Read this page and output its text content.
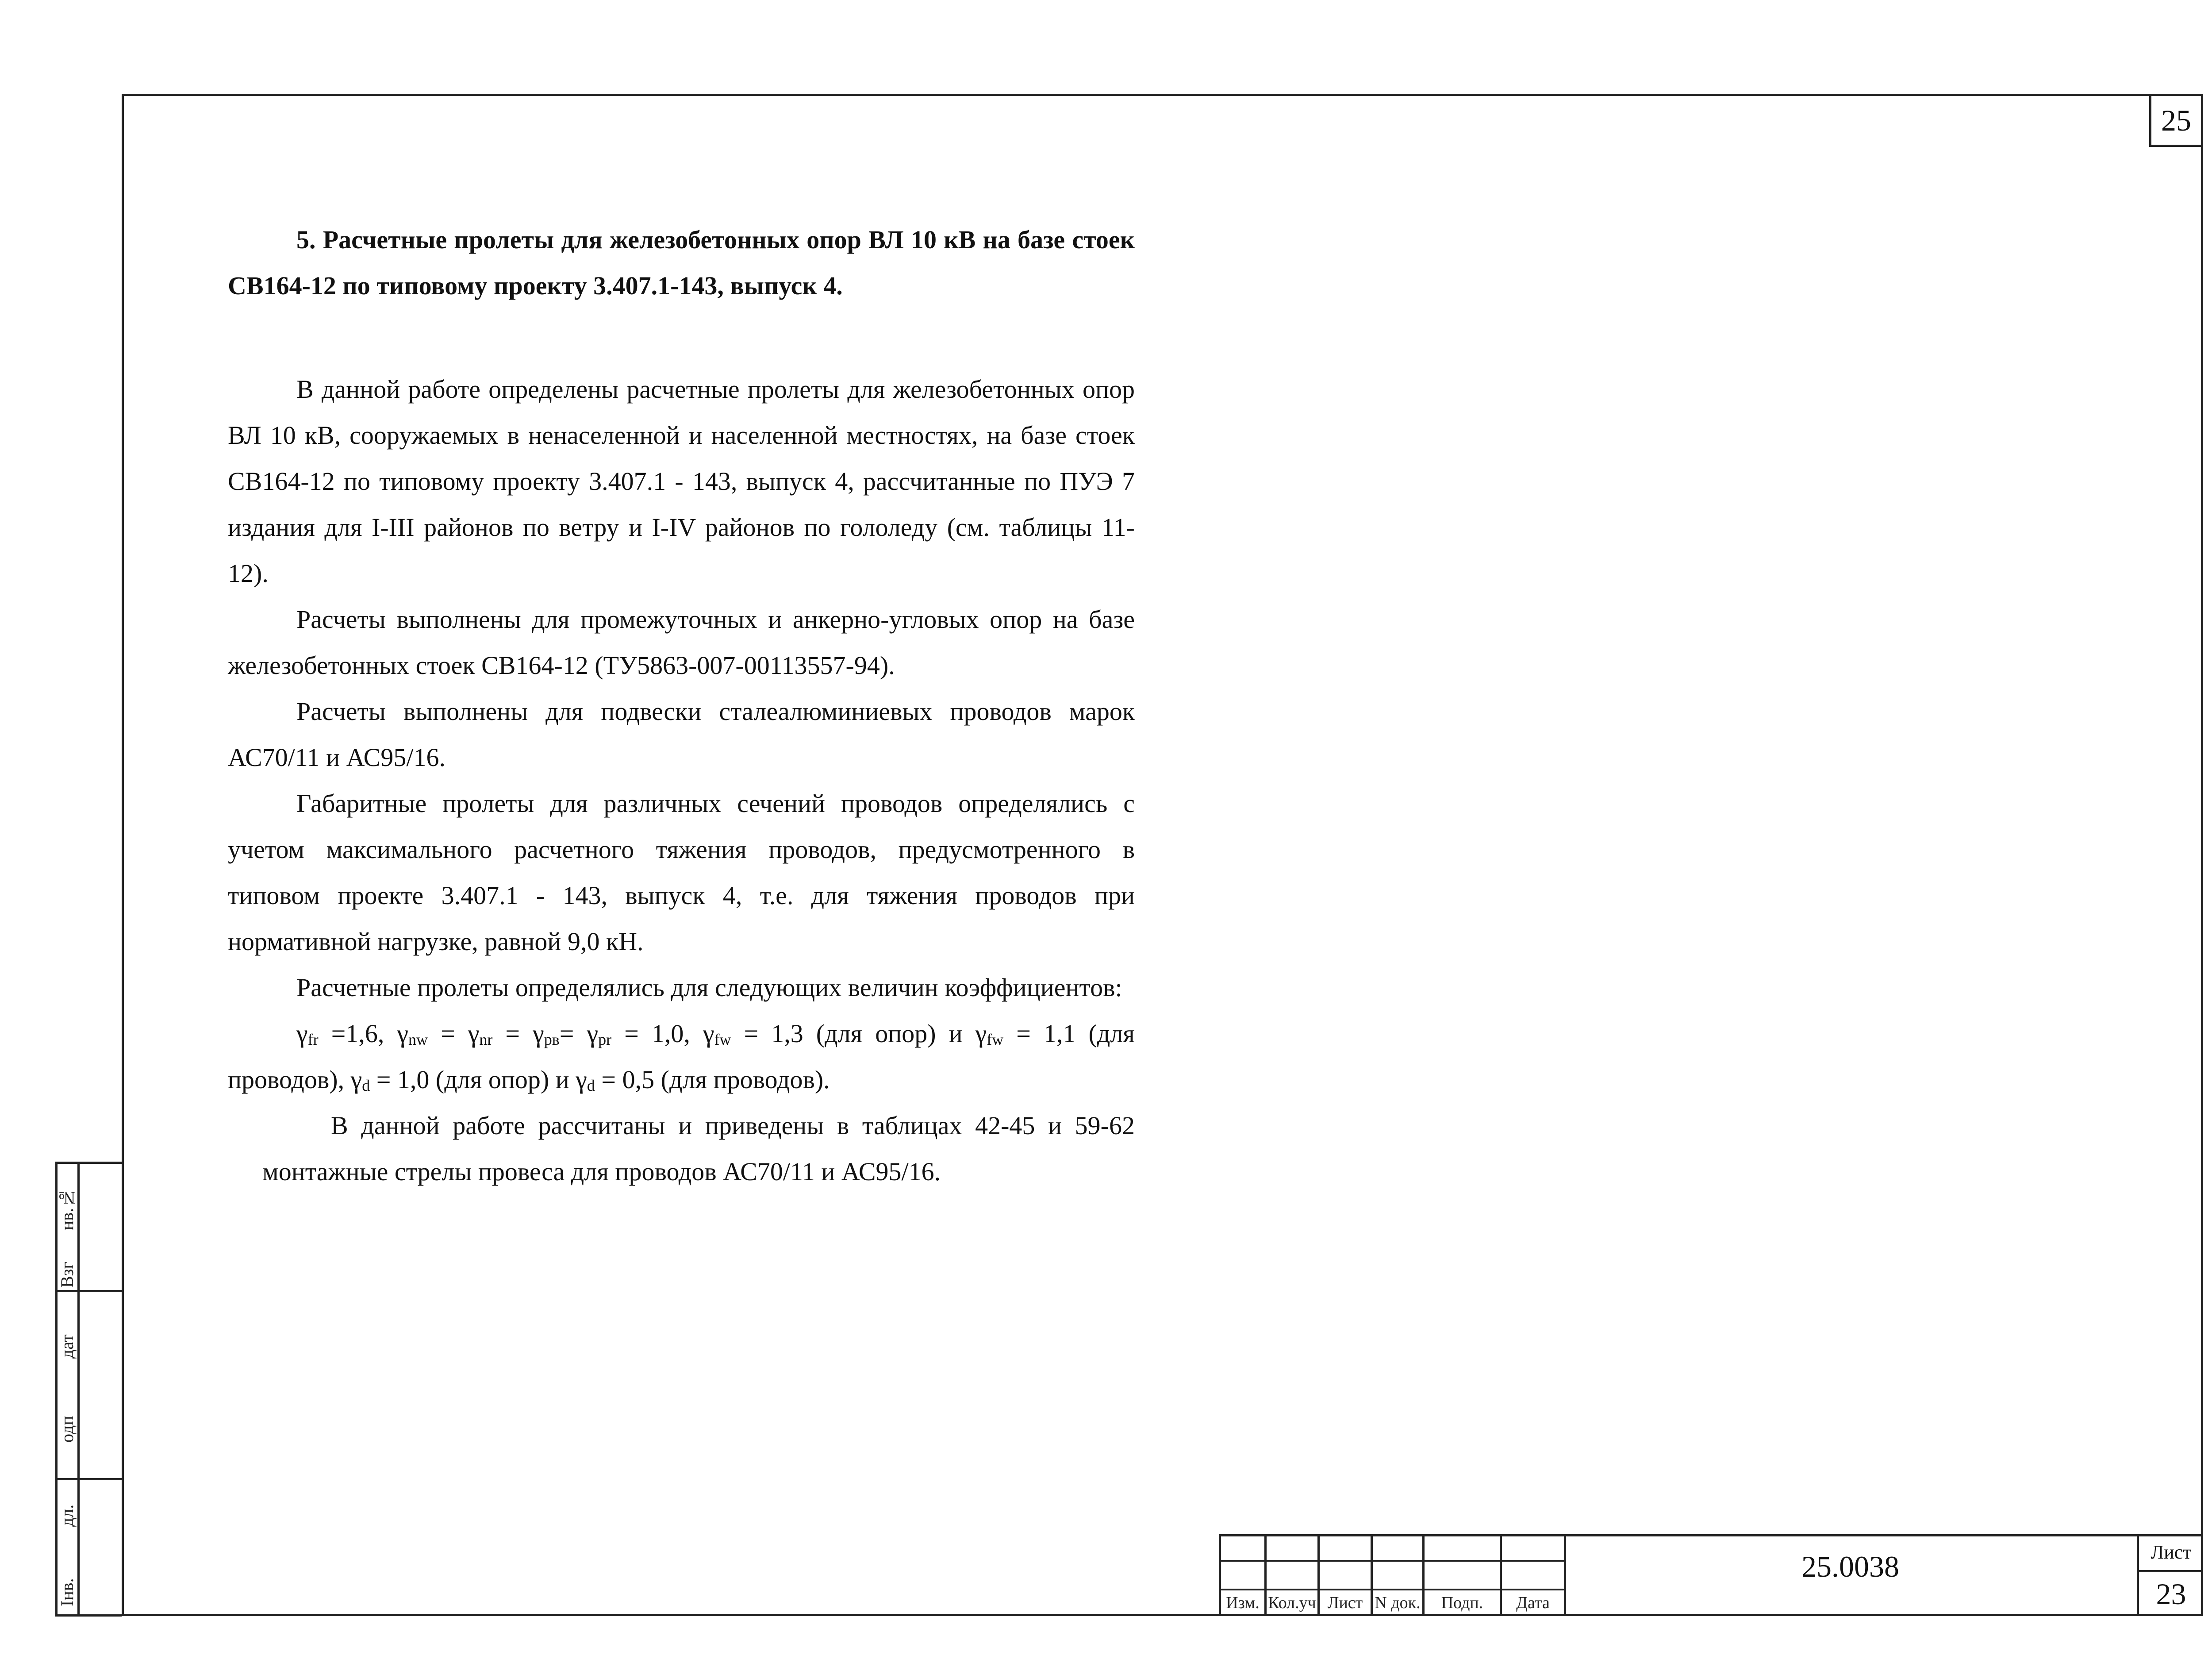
25

5. Расчетные пролеты для железобетонных опор ВЛ 10 кВ на базе стоек СВ164-12 по типовому проекту 3.407.1-143, выпуск 4.

В данной работе определены расчетные пролеты для железобетонных опор ВЛ 10 кВ, сооружаемых в ненаселенной и населенной местностях, на базе стоек СВ164-12 по типовому проекту 3.407.1 - 143, выпуск 4, рассчитанные по ПУЭ 7 издания для I-III районов по ветру и I-IV районов по гололеду (см. таблицы 11-12).

Расчеты выполнены для промежуточных и анкерно-угловых опор на базе железобетонных стоек СВ164-12 (ТУ5863-007-00113557-94).

Расчеты выполнены для подвески сталеалюминиевых проводов марок АС70/11 и АС95/16.

Габаритные пролеты для различных сечений проводов определялись с учетом максимального расчетного тяжения проводов, предусмотренного в типовом проекте 3.407.1 - 143, выпуск 4, т.е. для тяжения проводов при нормативной нагрузке, равной 9,0 кН.

Расчетные пролеты определялись для следующих величин коэффициентов:

$\gamma_{fr} =1,6$, $\gamma_{nw} = \gamma_{nr} = \gamma_{pв}= \gamma_{pr} = 1,0$, $\gamma_{fw} = 1,3$ (для опор) и $\gamma_{fw} = 1,1$ (для проводов), $\gamma_d = 1,0$ (для опор) и $\gamma_d = 0,5$ (для проводов).

В данной работе рассчитаны и приведены в таблицах 42-45 и 59-62 монтажные стрелы провеса для проводов АС70/11 и АС95/16.

нв.№
Взг
дат
одп
дл.
Інв.	Изм. Кол.уч Лист N док.	Подп.	Дата
25.0038	Лист
23
